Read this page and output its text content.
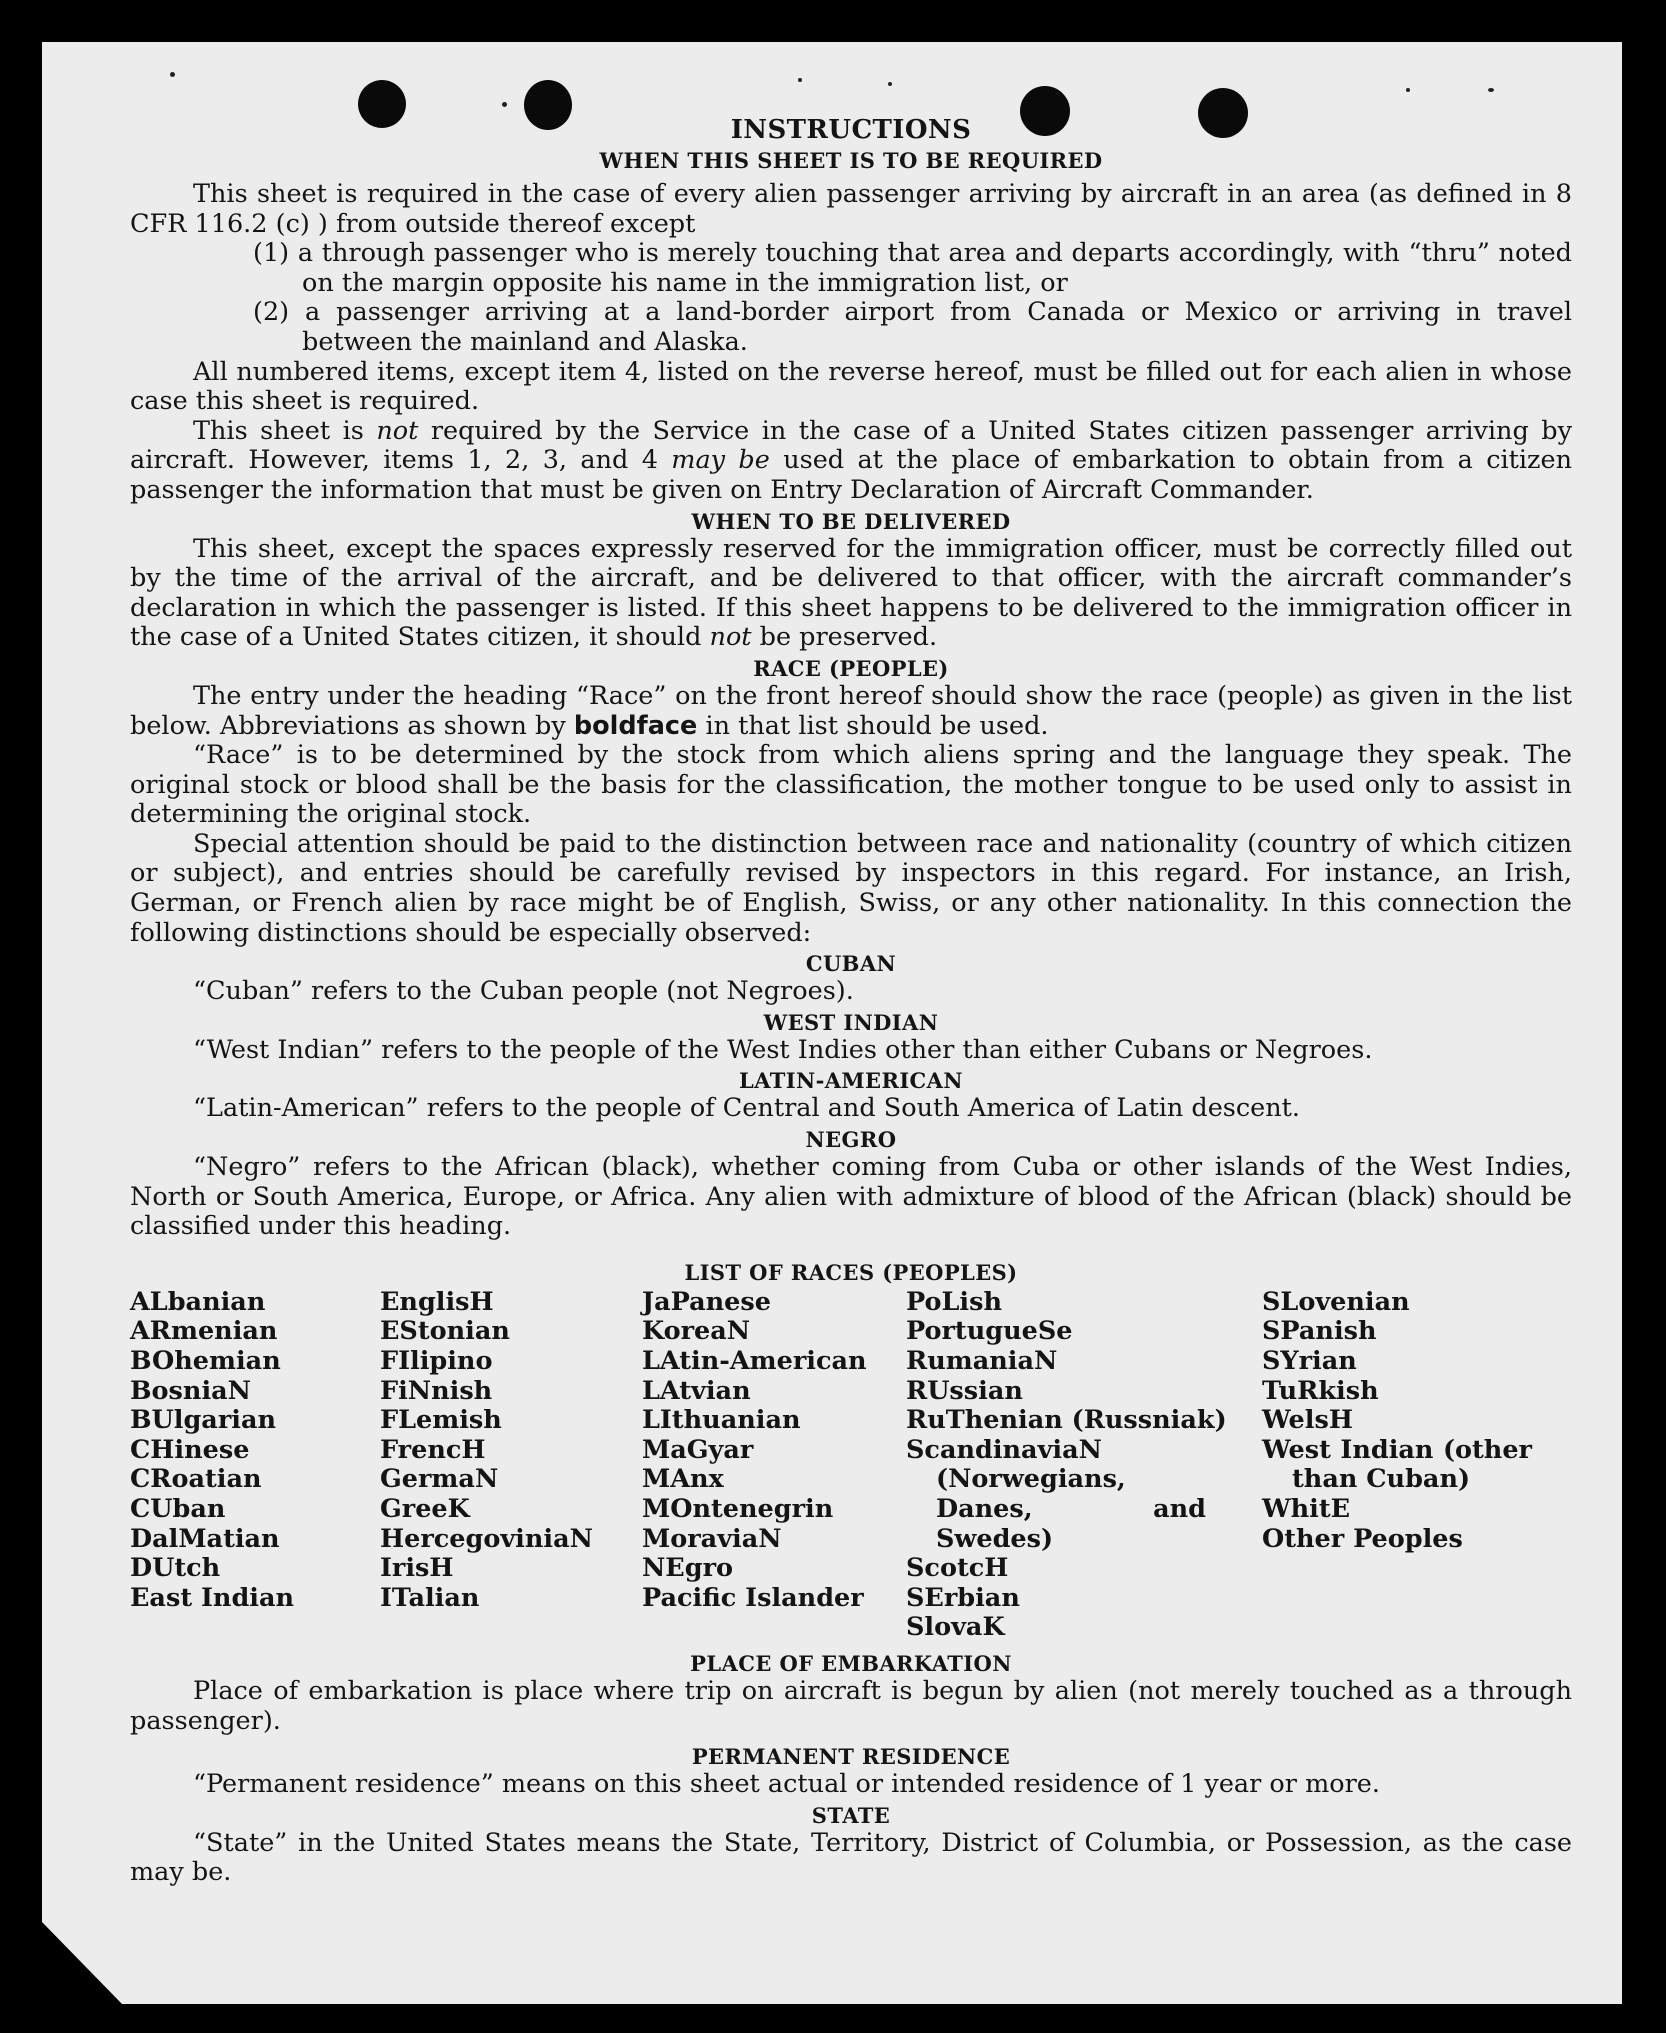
INSTRUCTIONS

WHEN THIS SHEET IS TO BE REQUIRED

This sheet is required in the case of every alien passenger arriving by aircraft in an area (as defined in 8 CFR 116.2 (c) ) from outside thereof except

(1) a through passenger who is merely touching that area and departs accordingly, with “thru” noted on the margin opposite his name in the immigration list, or

(2) a passenger arriving at a land-border airport from Canada or Mexico or arriving in travel between the mainland and Alaska.

All numbered items, except item 4, listed on the reverse hereof, must be filled out for each alien in whose case this sheet is required.

This sheet is not required by the Service in the case of a United States citizen passenger arriving by aircraft. However, items 1, 2, 3, and 4 may be used at the place of embarkation to obtain from a citizen passenger the information that must be given on Entry Declaration of Aircraft Commander.

WHEN TO BE DELIVERED

This sheet, except the spaces expressly reserved for the immigration officer, must be correctly filled out by the time of the arrival of the aircraft, and be delivered to that officer, with the aircraft commander’s declaration in which the passenger is listed. If this sheet happens to be delivered to the immigration officer in the case of a United States citizen, it should not be preserved.

RACE (PEOPLE)

The entry under the heading “Race” on the front hereof should show the race (people) as given in the list below. Abbreviations as shown by boldface in that list should be used.

“Race” is to be determined by the stock from which aliens spring and the language they speak. The original stock or blood shall be the basis for the classification, the mother tongue to be used only to assist in determining the original stock.

Special attention should be paid to the distinction between race and nationality (country of which citizen or subject), and entries should be carefully revised by inspectors in this regard. For instance, an Irish, German, or French alien by race might be of English, Swiss, or any other nationality. In this connection the following distinctions should be especially observed:

CUBAN

“Cuban” refers to the Cuban people (not Negroes).

WEST INDIAN

“West Indian” refers to the people of the West Indies other than either Cubans or Negroes.

LATIN-AMERICAN

“Latin-American” refers to the people of Central and South America of Latin descent.

NEGRO

“Negro” refers to the African (black), whether coming from Cuba or other islands of the West Indies, North or South America, Europe, or Africa. Any alien with admixture of blood of the African (black) should be classified under this heading.

LIST OF RACES (PEOPLES)

ALbanian
ARmenian
BOhemian
BosniaN
BUlgarian
CHinese
CRoatian
CUban
DalMatian
DUtch
East Indian
EnglisH
EStonian
FIlipino
FiNnish
FLemish
FrencH
GermaN
GreeK
HercegoviniaN
IrisH
ITalian
JaPanese
KoreaN
LAtin-American
LAtvian
LIthuanian
MaGyar
MAnx
MOntenegrin
MoraviaN
NEgro
Pacific Islander
PoLish
PortugueSe
RumaniaN
RUssian
RuThenian (Russniak)
ScandinaviaN (Norwegians, Danes, and Swedes)
ScotcH
SErbian
SlovaK
SLovenian
SPanish
SYrian
TuRkish
WelsH
West Indian (other than Cuban)
WhitE
Other Peoples

PLACE OF EMBARKATION

Place of embarkation is place where trip on aircraft is begun by alien (not merely touched as a through passenger).

PERMANENT RESIDENCE

“Permanent residence” means on this sheet actual or intended residence of 1 year or more.

STATE

“State” in the United States means the State, Territory, District of Columbia, or Possession, as the case may be.
